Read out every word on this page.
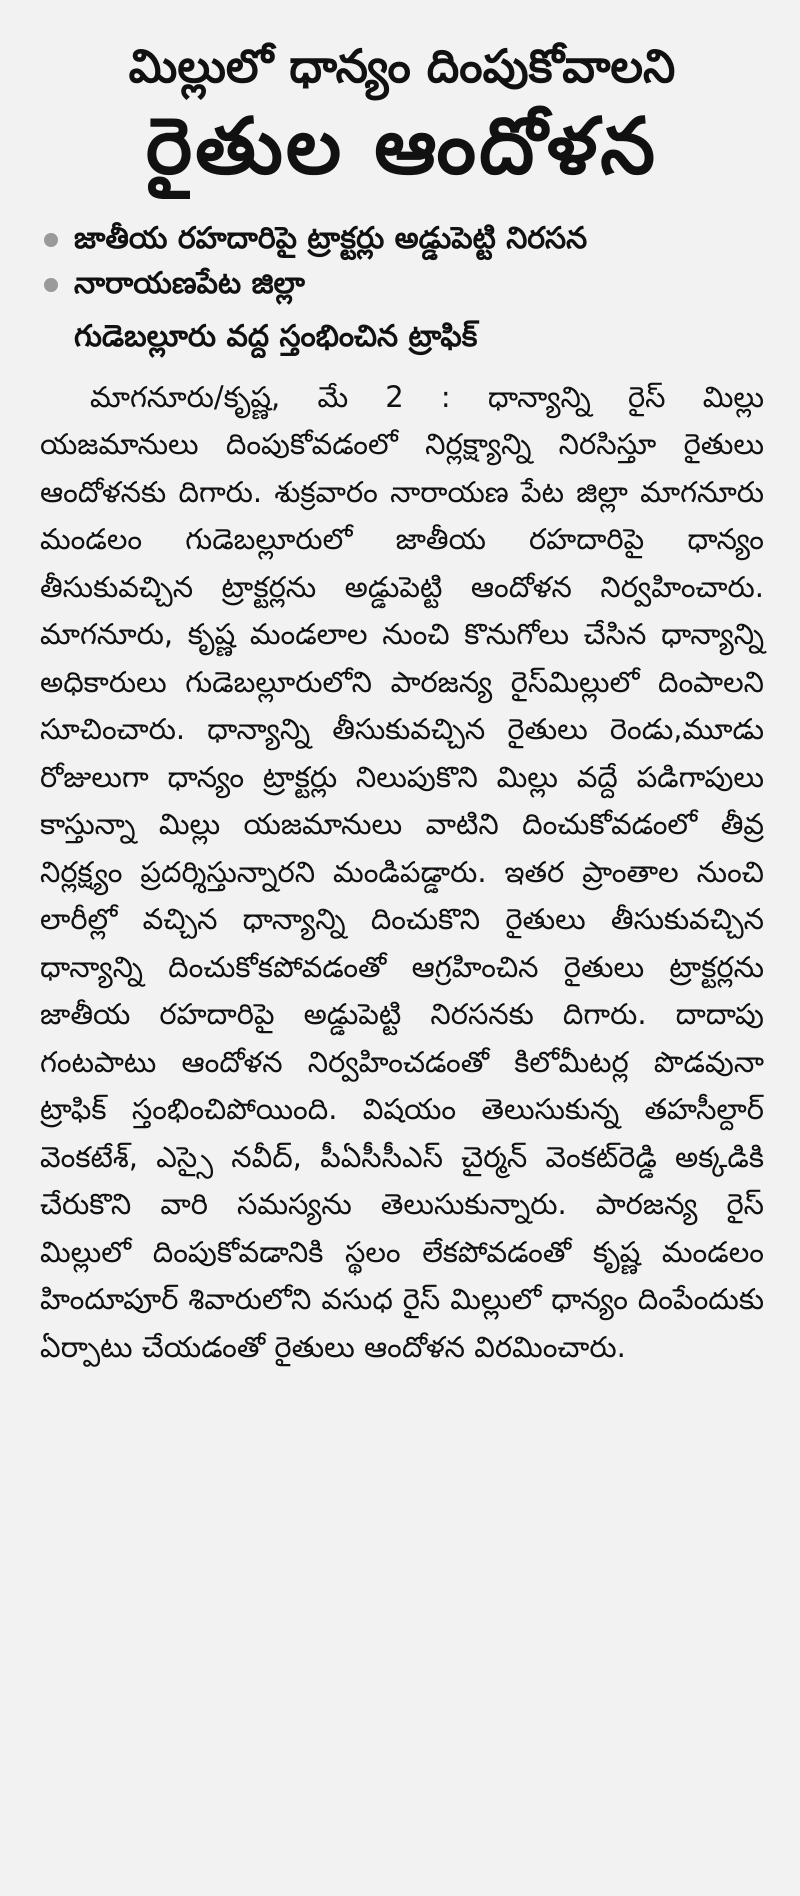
మిల్లులో ధాన్యం దింపుకోవాలని
రైతుల ఆందోళన
జాతీయ రహదారిపై ట్రాక్టర్లు అడ్డుపెట్టి నిరసన
నారాయణపేట జిల్లా
గుడెబల్లూరు వద్ద స్తంభించిన ట్రాఫిక్

మాగనూరు/కృష్ణ, మే 2 : ధాన్యాన్ని రైస్ మిల్లు యజమానులు దింపుకోవడంలో నిర్లక్ష్యాన్ని నిరసిస్తూ రైతులు ఆందోళనకు దిగారు. శుక్రవారం నారాయణ పేట జిల్లా మాగనూరు మండలం గుడెబల్లూరులో జాతీయ రహదారిపై ధాన్యం తీసుకువచ్చిన ట్రాక్టర్లను అడ్డుపెట్టి ఆందోళన నిర్వహించారు. మాగనూరు, కృష్ణ మండలాల నుంచి కొనుగోలు చేసిన ధాన్యాన్ని అధికారులు గుడెబల్లూరులోని పారజన్య రైస్‌మిల్లులో దింపాలని సూచించారు. ధాన్యాన్ని తీసుకువచ్చిన రైతులు రెండు,మూడు రోజులుగా ధాన్యం ట్రాక్టర్లు నిలుపుకొని మిల్లు వద్దే పడిగాపులు కాస్తున్నా మిల్లు యజమానులు వాటిని దించుకోవడంలో తీవ్ర నిర్లక్ష్యం ప్రదర్శిస్తున్నారని మండిపడ్డారు. ఇతర ప్రాంతాల నుంచి లారీల్లో వచ్చిన ధాన్యాన్ని దించుకొని రైతులు తీసుకువచ్చిన ధాన్యాన్ని దించుకోకపోవడంతో ఆగ్రహించిన రైతులు ట్రాక్టర్లను జాతీయ రహదారిపై అడ్డుపెట్టి నిరసనకు దిగారు. దాదాపు గంటపాటు ఆందోళన నిర్వహించడంతో కిలోమీటర్ల పొడవునా ట్రాఫిక్ స్తంభించిపోయింది. విషయం తెలుసుకున్న తహసీల్దార్ వెంకటేశ్, ఎస్సై నవీద్, పీఏసీసీఎస్ చైర్మన్ వెంకట్‌రెడ్డి అక్కడికి చేరుకొని వారి సమస్యను తెలుసుకున్నారు. పారజన్య రైస్ మిల్లులో దింపుకోవడానికి స్థలం లేకపోవడంతో కృష్ణ మండలం హిందూపూర్ శివారులోని వసుధ రైస్ మిల్లులో ధాన్యం దింపేందుకు ఏర్పాటు చేయడంతో రైతులు ఆందోళన విరమించారు.
